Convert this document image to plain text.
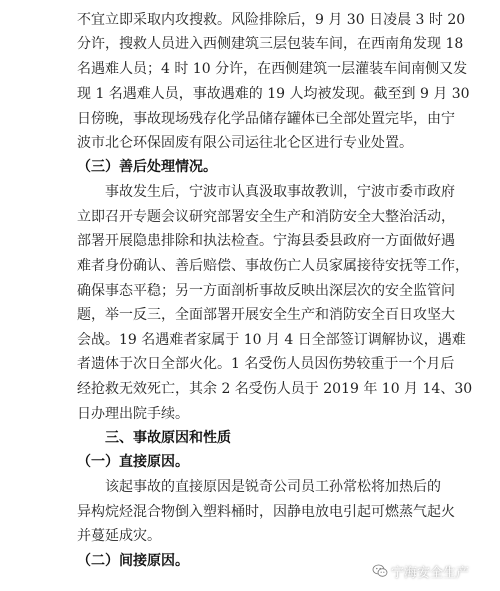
不宜立即采取内攻搜救。风险排除后，9 月 30 日凌晨 3 时 20
分许，搜救人员进入西侧建筑三层包装车间，在西南角发现 18
名遇难人员；4 时 10 分许，在西侧建筑一层灌装车间南侧又发
现 1 名遇难人员，事故遇难的 19 人均被发现。截至到 9 月 30
日傍晚，事故现场残存化学品储存罐体已全部处置完毕，由宁
波市北仑环保固废有限公司运往北仑区进行专业处置。
（三）善后处理情况。
事故发生后，宁波市认真汲取事故教训，宁波市委市政府
立即召开专题会议研究部署安全生产和消防安全大整治活动，
部署开展隐患排除和执法检查。宁海县委县政府一方面做好遇
难者身份确认、善后赔偿、事故伤亡人员家属接待安抚等工作，
确保事态平稳；另一方面剖析事故反映出深层次的安全监管问
题，举一反三，全面部署开展安全生产和消防安全百日攻坚大
会战。19 名遇难者家属于 10 月 4 日全部签订调解协议，遇难
者遗体于次日全部火化。1 名受伤人员因伤势较重于一个月后
经抢救无效死亡，其余 2 名受伤人员于 2019 年 10 月 14、30
日办理出院手续。
三、事故原因和性质
（一）直接原因。
该起事故的直接原因是锐奇公司员工孙常松将加热后的
异构烷烃混合物倒入塑料桶时，因静电放电引起可燃蒸气起火
并蔓延成灾。
（二）间接原因。
宁海安全生产
